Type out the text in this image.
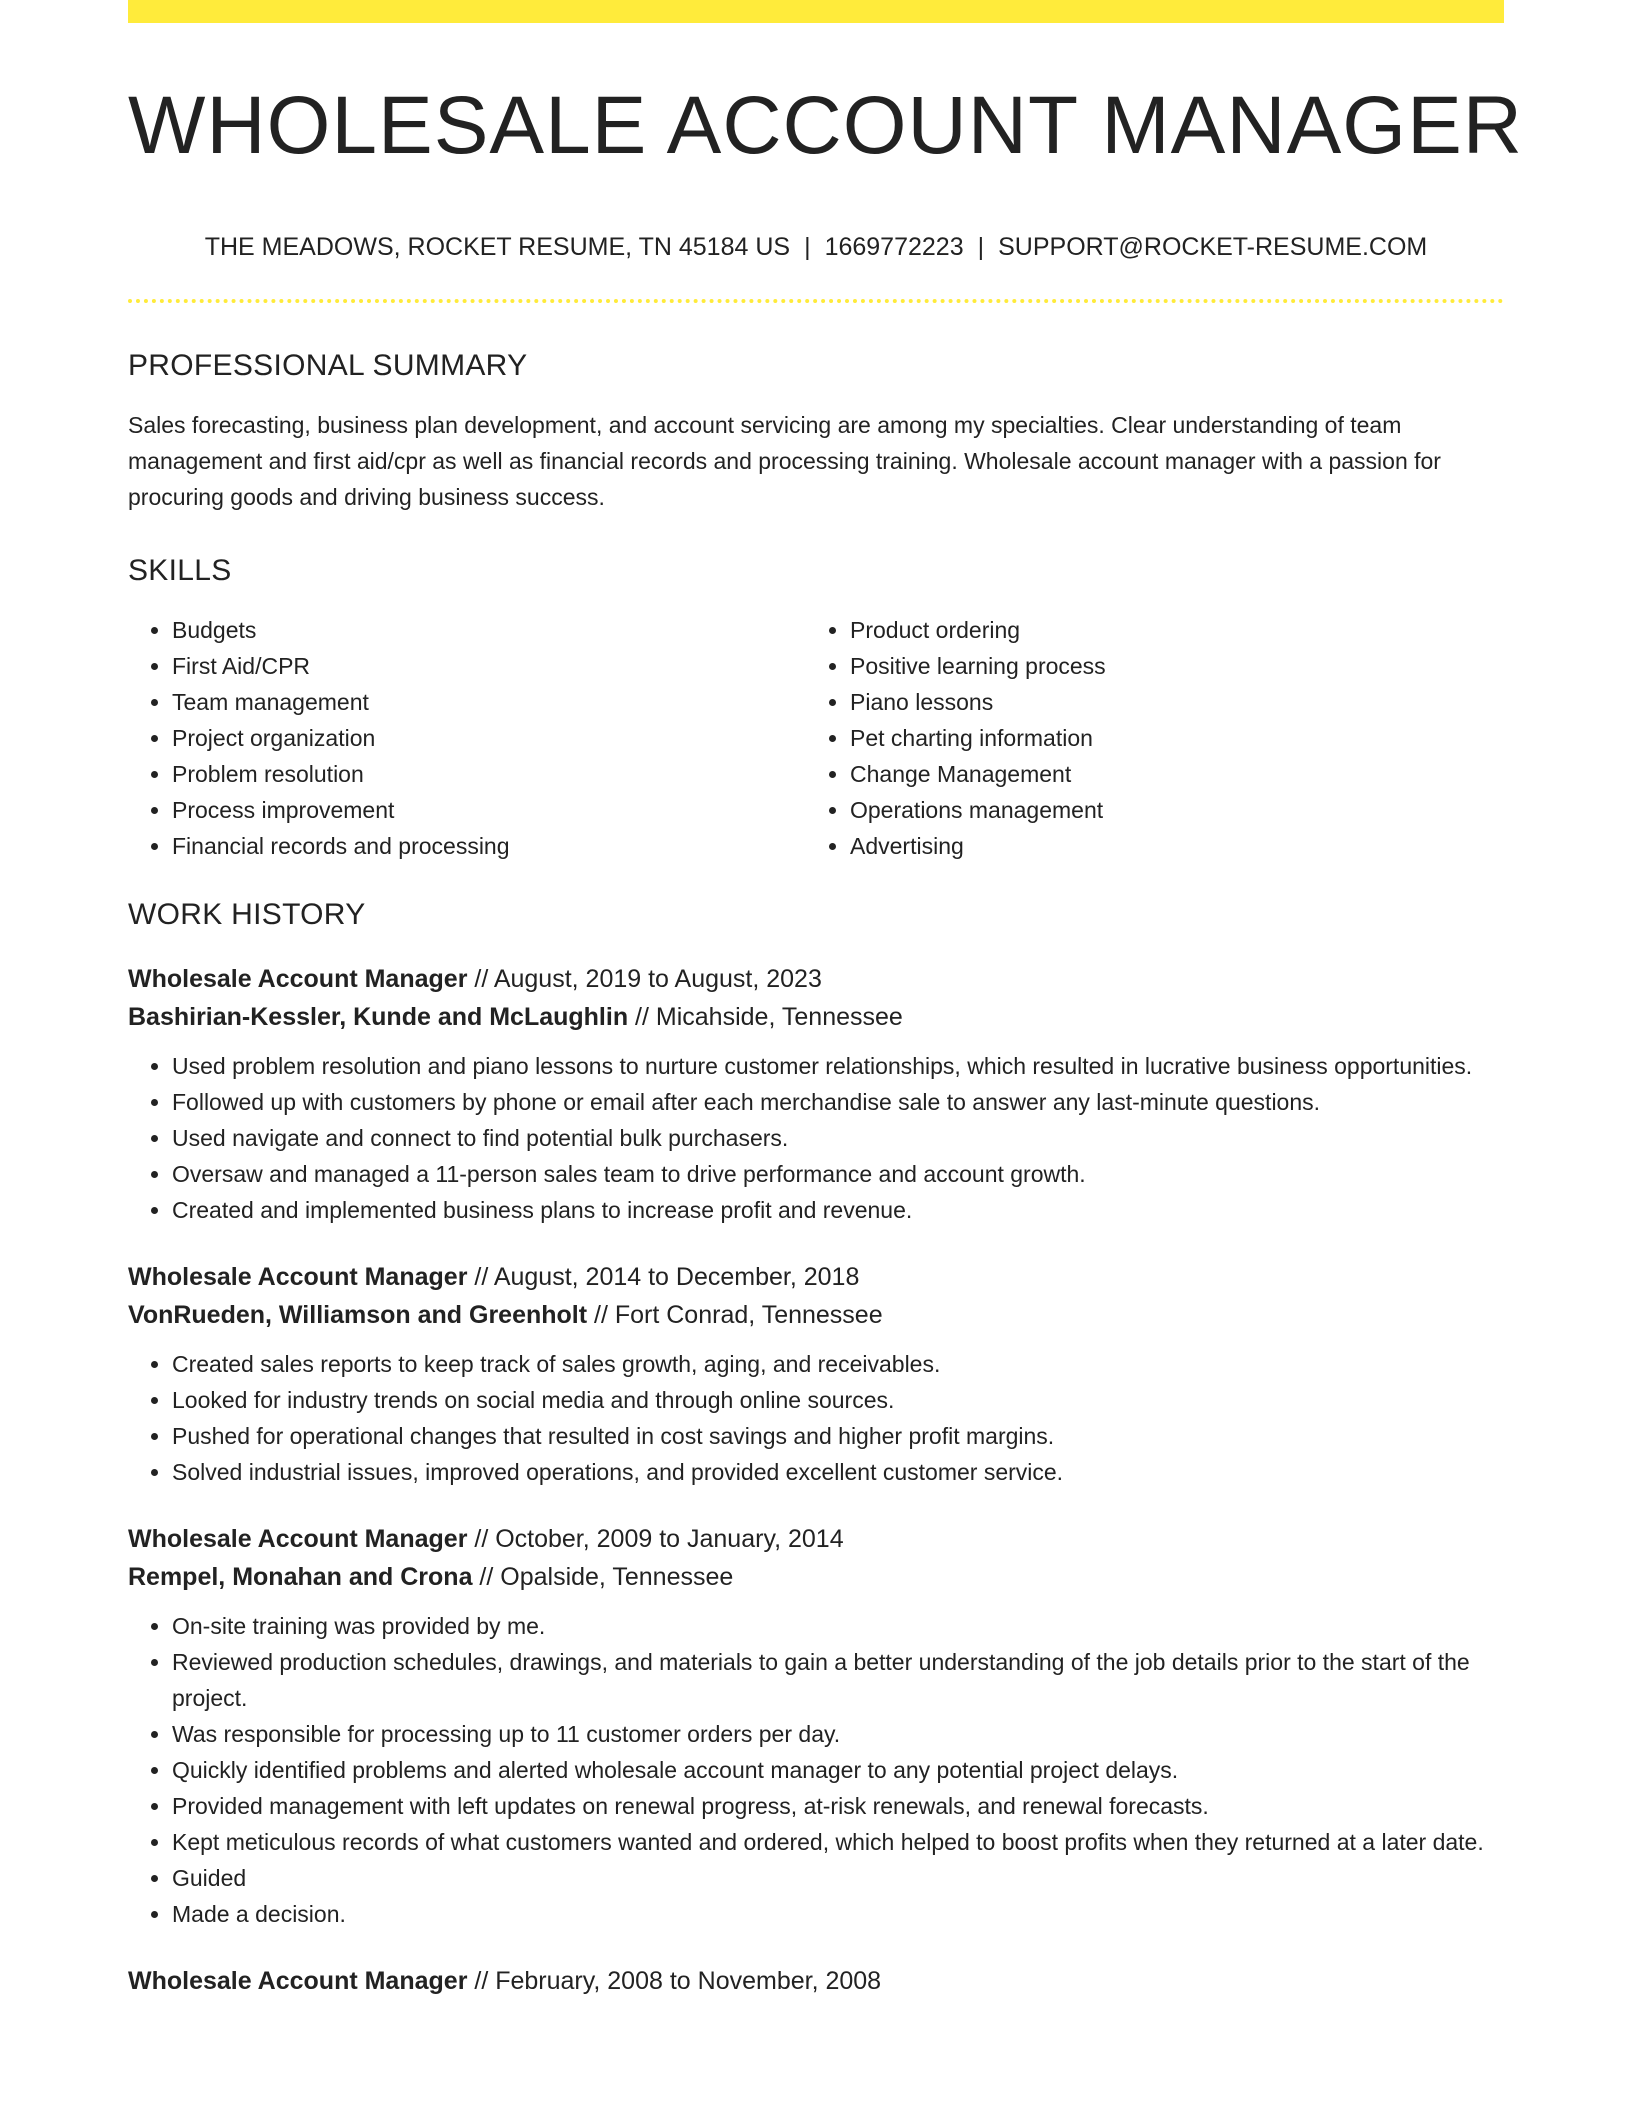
WHOLESALE ACCOUNT MANAGER
THE MEADOWS, ROCKET RESUME, TN 45184 US | 1669772223 | SUPPORT@ROCKET-RESUME.COM
PROFESSIONAL SUMMARY

Sales forecasting, business plan development, and account servicing are among my specialties. Clear understanding of team management and first aid/cpr as well as financial records and processing training. Wholesale account manager with a passion for procuring goods and driving business success.

SKILLS
• Budgets
• First Aid/CPR
• Team management
• Project organization
• Problem resolution
• Process improvement
• Financial records and processing
• Product ordering
• Positive learning process
• Piano lessons
• Pet charting information
• Change Management
• Operations management
• Advertising
WORK HISTORY
Wholesale Account Manager // August, 2019 to August, 2023
Bashirian-Kessler, Kunde and McLaughlin // Micahside, Tennessee
• Used problem resolution and piano lessons to nurture customer relationships, which resulted in lucrative business opportunities.
• Followed up with customers by phone or email after each merchandise sale to answer any last-minute questions.
• Used navigate and connect to find potential bulk purchasers.
• Oversaw and managed a 11-person sales team to drive performance and account growth.
• Created and implemented business plans to increase profit and revenue.
Wholesale Account Manager // August, 2014 to December, 2018
VonRueden, Williamson and Greenholt // Fort Conrad, Tennessee
• Created sales reports to keep track of sales growth, aging, and receivables.
• Looked for industry trends on social media and through online sources.
• Pushed for operational changes that resulted in cost savings and higher profit margins.
• Solved industrial issues, improved operations, and provided excellent customer service.
Wholesale Account Manager // October, 2009 to January, 2014
Rempel, Monahan and Crona // Opalside, Tennessee
• On-site training was provided by me.
• Reviewed production schedules, drawings, and materials to gain a better understanding of the job details prior to the start of the project.
• Was responsible for processing up to 11 customer orders per day.
• Quickly identified problems and alerted wholesale account manager to any potential project delays.
• Provided management with left updates on renewal progress, at-risk renewals, and renewal forecasts.
• Kept meticulous records of what customers wanted and ordered, which helped to boost profits when they returned at a later date.
• Guided
• Made a decision.
Wholesale Account Manager // February, 2008 to November, 2008
